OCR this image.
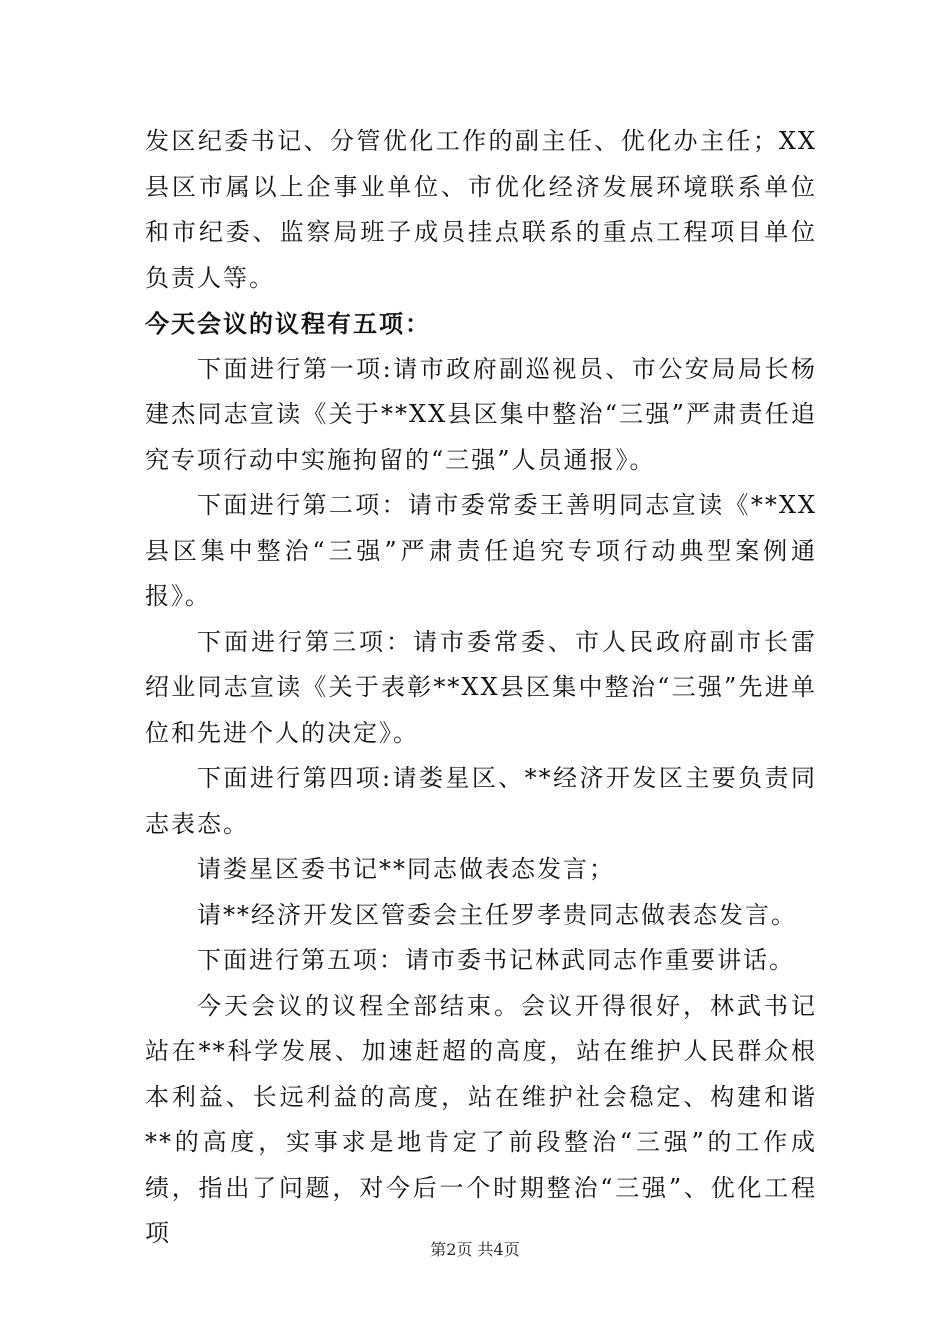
发区纪委书记、分管优化工作的副主任、优化办主任；XX县区市属以上企事业单位、市优化经济发展环境联系单位和市纪委、监察局班子成员挂点联系的重点工程项目单位负责人等。

今天会议的议程有五项：

下面进行第一项:请市政府副巡视员、市公安局局长杨建杰同志宣读《关于**XX县区集中整治“三强”严肃责任追究专项行动中实施拘留的“三强”人员通报》。

下面进行第二项：请市委常委王善明同志宣读《**XX县区集中整治“三强”严肃责任追究专项行动典型案例通报》。

下面进行第三项：请市委常委、市人民政府副市长雷绍业同志宣读《关于表彰**XX县区集中整治“三强”先进单位和先进个人的决定》。

下面进行第四项:请娄星区、**经济开发区主要负责同志表态。

请娄星区委书记**同志做表态发言；

请**经济开发区管委会主任罗孝贵同志做表态发言。

下面进行第五项：请市委书记林武同志作重要讲话。

今天会议的议程全部结束。会议开得很好，林武书记站在**科学发展、加速赶超的高度，站在维护人民群众根本利益、长远利益的高度，站在维护社会稳定、构建和谐**的高度，实事求是地肯定了前段整治“三强”的工作成绩，指出了问题，对今后一个时期整治“三强”、优化工程项

第2页 共4页
